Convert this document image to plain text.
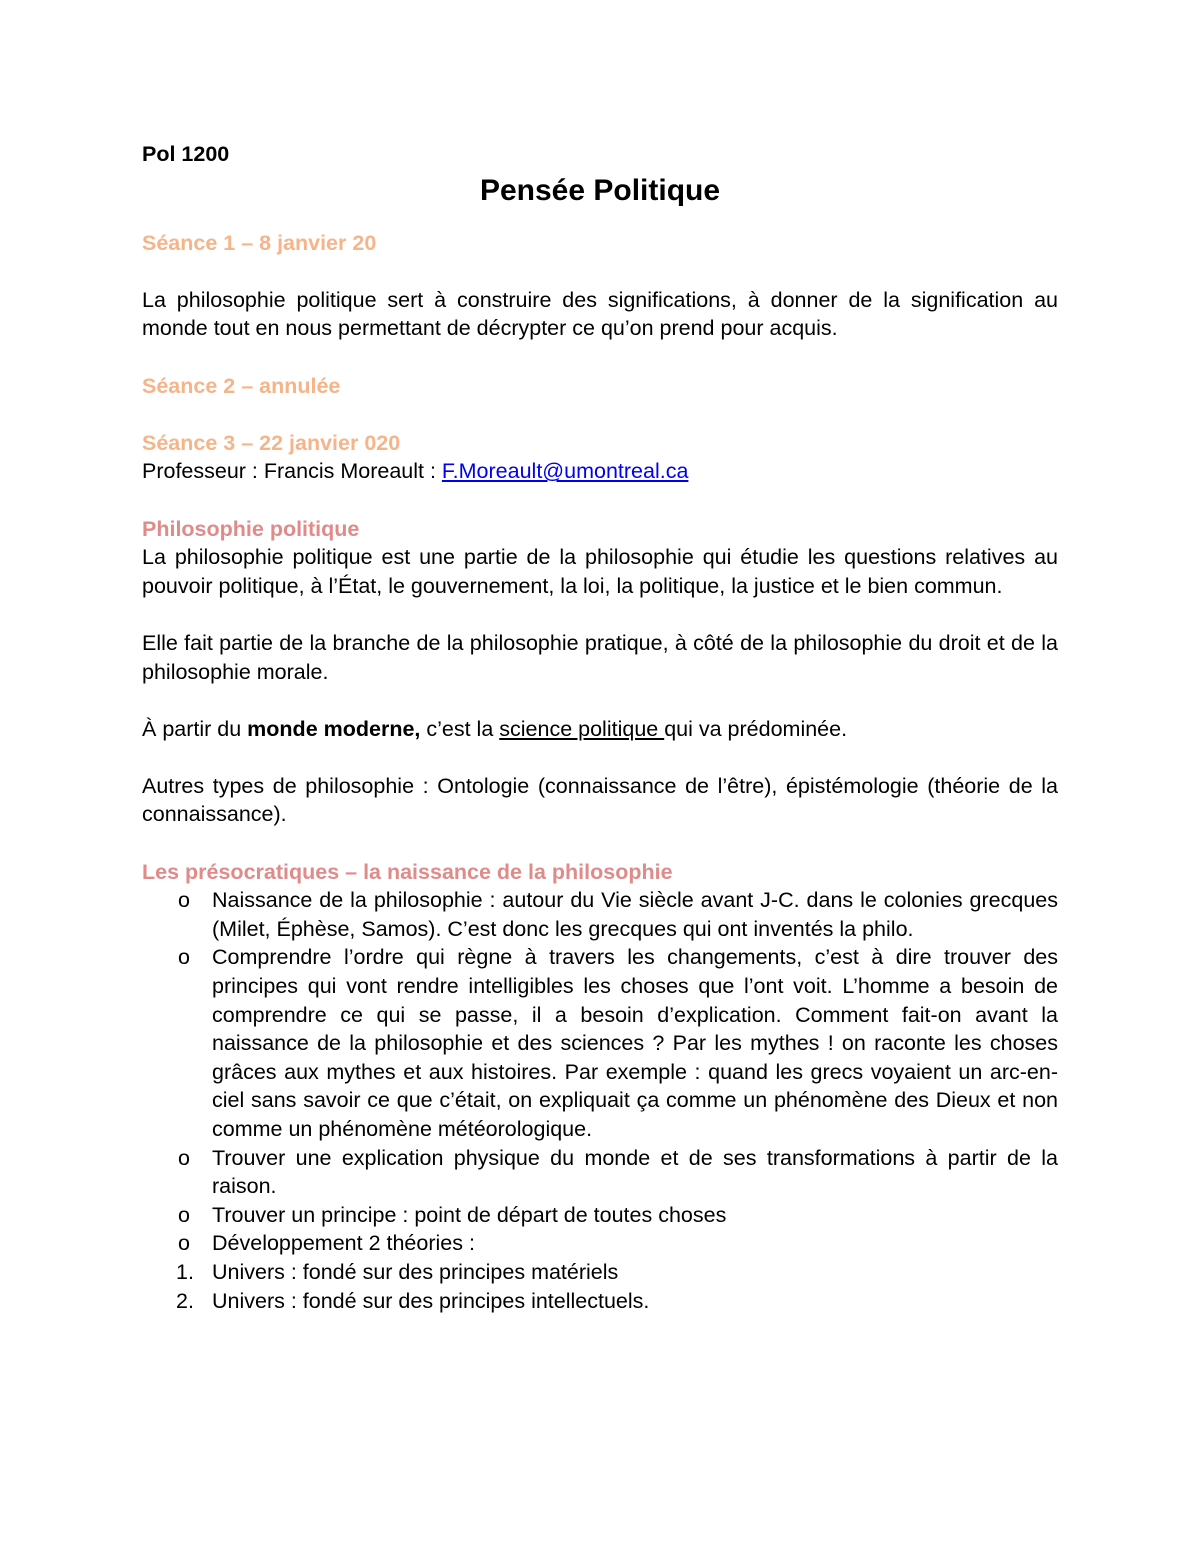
Pol 1200

Pensée Politique

Séance 1 – 8 janvier 20

La philosophie politique sert à construire des significations, à donner de la signification au monde tout en nous permettant de décrypter ce qu’on prend pour acquis.

Séance 2 – annulée

Séance 3 – 22 janvier 020

Professeur : Francis Moreault : F.Moreault@umontreal.ca

Philosophie politique

La philosophie politique est une partie de la philosophie qui étudie les questions relatives au pouvoir politique, à l’État, le gouvernement, la loi, la politique, la justice et le bien commun.

Elle fait partie de la branche de la philosophie pratique, à côté de la philosophie du droit et de la philosophie morale.

À partir du monde moderne, c’est la science politique qui va prédominée.

Autres types de philosophie : Ontologie (connaissance de l’être), épistémologie (théorie de la connaissance).

Les présocratiques – la naissance de la philosophie

o Naissance de la philosophie : autour du Vie siècle avant J-C. dans le colonies grecques (Milet, Éphèse, Samos). C’est donc les grecques qui ont inventés la philo.
o Comprendre l’ordre qui règne à travers les changements, c’est à dire trouver des principes qui vont rendre intelligibles les choses que l’ont voit. L’homme a besoin de comprendre ce qui se passe, il a besoin d’explication. Comment fait-on avant la naissance de la philosophie et des sciences ? Par les mythes ! on raconte les choses grâces aux mythes et aux histoires. Par exemple : quand les grecs voyaient un arc-en-ciel sans savoir ce que c’était, on expliquait ça comme un phénomène des Dieux et non comme un phénomène météorologique.
o Trouver une explication physique du monde et de ses transformations à partir de la raison.
o Trouver un principe : point de départ de toutes choses
o Développement 2 théories :
1. Univers : fondé sur des principes matériels
2. Univers : fondé sur des principes intellectuels.
